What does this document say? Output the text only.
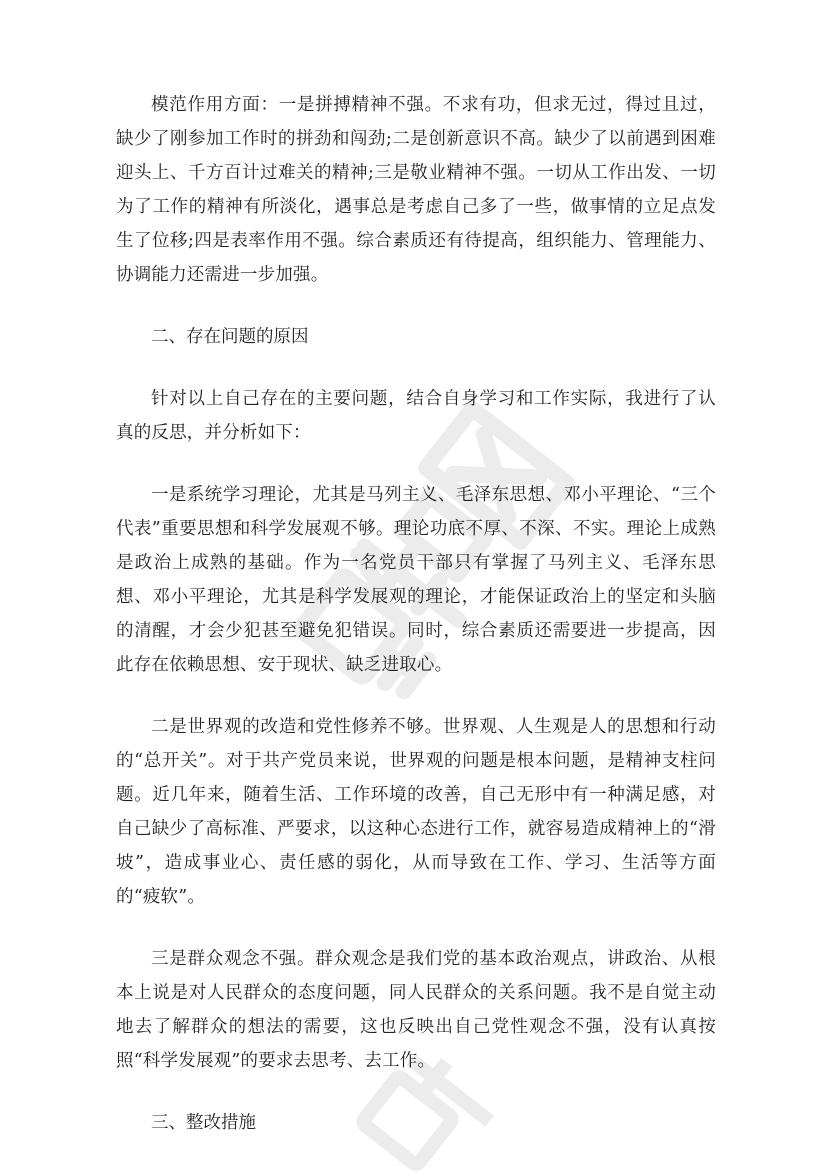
模范作用方面：一是拼搏精神不强。不求有功，但求无过，得过且过，缺少了刚参加工作时的拼劲和闯劲;二是创新意识不高。缺少了以前遇到困难迎头上、千方百计过难关的精神;三是敬业精神不强。一切从工作出发、一切为了工作的精神有所淡化，遇事总是考虑自己多了一些，做事情的立足点发生了位移;四是表率作用不强。综合素质还有待提高，组织能力、管理能力、协调能力还需进一步加强。

二、存在问题的原因

针对以上自己存在的主要问题，结合自身学习和工作实际，我进行了认真的反思，并分析如下：

一是系统学习理论，尤其是马列主义、毛泽东思想、邓小平理论、“三个代表”重要思想和科学发展观不够。理论功底不厚、不深、不实。理论上成熟是政治上成熟的基础。作为一名党员干部只有掌握了马列主义、毛泽东思想、邓小平理论，尤其是科学发展观的理论，才能保证政治上的坚定和头脑的清醒，才会少犯甚至避免犯错误。同时，综合素质还需要进一步提高，因此存在依赖思想、安于现状、缺乏进取心。

二是世界观的改造和党性修养不够。世界观、人生观是人的思想和行动的“总开关”。对于共产党员来说，世界观的问题是根本问题，是精神支柱问题。近几年来，随着生活、工作环境的改善，自己无形中有一种满足感，对自己缺少了高标准、严要求，以这种心态进行工作，就容易造成精神上的“滑坡”，造成事业心、责任感的弱化，从而导致在工作、学习、生活等方面的“疲软”。

三是群众观念不强。群众观念是我们党的基本政治观点，讲政治、从根本上说是对人民群众的态度问题，同人民群众的关系问题。我不是自觉主动地去了解群众的想法的需要，这也反映出自己党性观念不强，没有认真按照“科学发展观”的要求去思考、去工作。

三、整改措施
